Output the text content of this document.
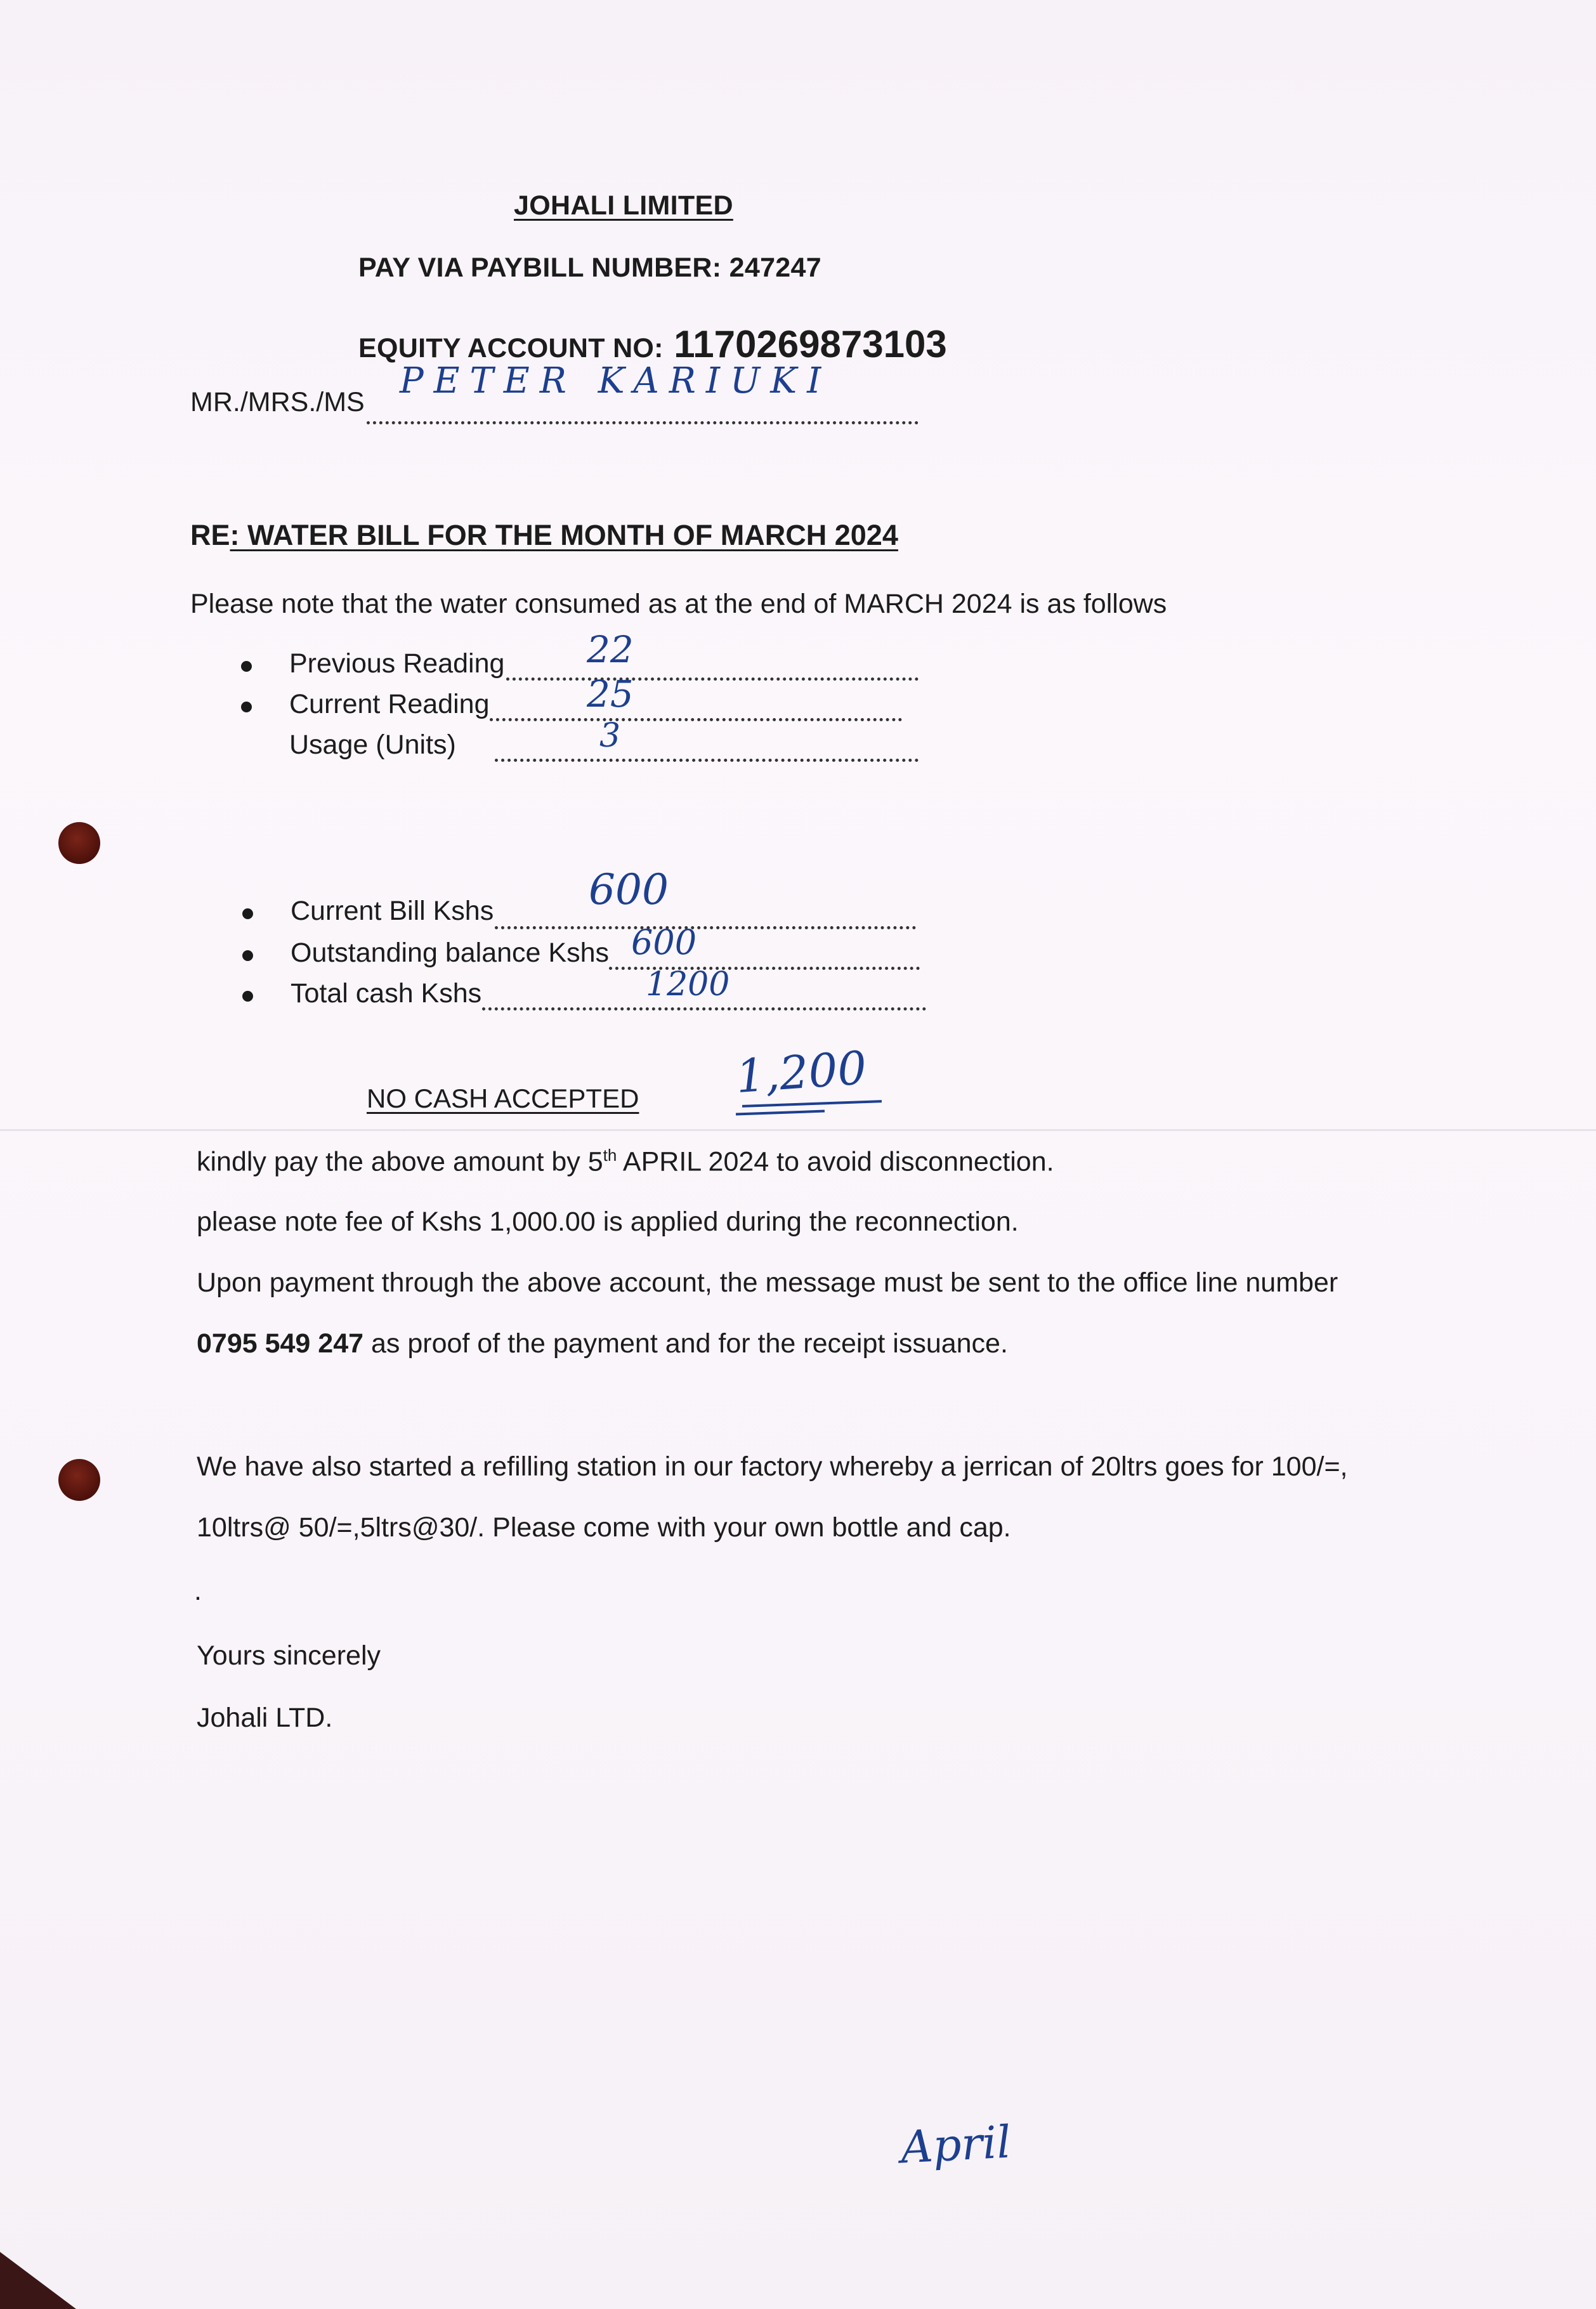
JOHALI LIMITED
PAY VIA PAYBILL NUMBER: 247247
EQUITY ACCOUNT NO: 1170269873103
MR./MRS./MS
PETER KARIUKI
RE: WATER BILL FOR THE MONTH OF MARCH 2024
Please note that the water consumed as at the end of MARCH 2024 is as follows
Previous Reading 22
Current Reading	25
Usage (Units)	3
Current Bill Kshs 600
Outstanding balance Kshs 600
Total cash Kshs	1200
NO CASH ACCEPTED 1,200
kindly pay the above amount by 5th APRIL 2024 to avoid disconnection.
please note fee of Kshs 1,000.00 is applied during the reconnection.
Upon payment through the above account, the message must be sent to the office line number
0795 549 247 as proof of the payment and for the receipt issuance.
We have also started a refilling station in our factory whereby a jerrican of 20ltrs goes for 100/=,
10ltrs@ 50/=,5ltrs@30/. Please come with your own bottle and cap.
.
Yours sincerely
Johali LTD.
April
